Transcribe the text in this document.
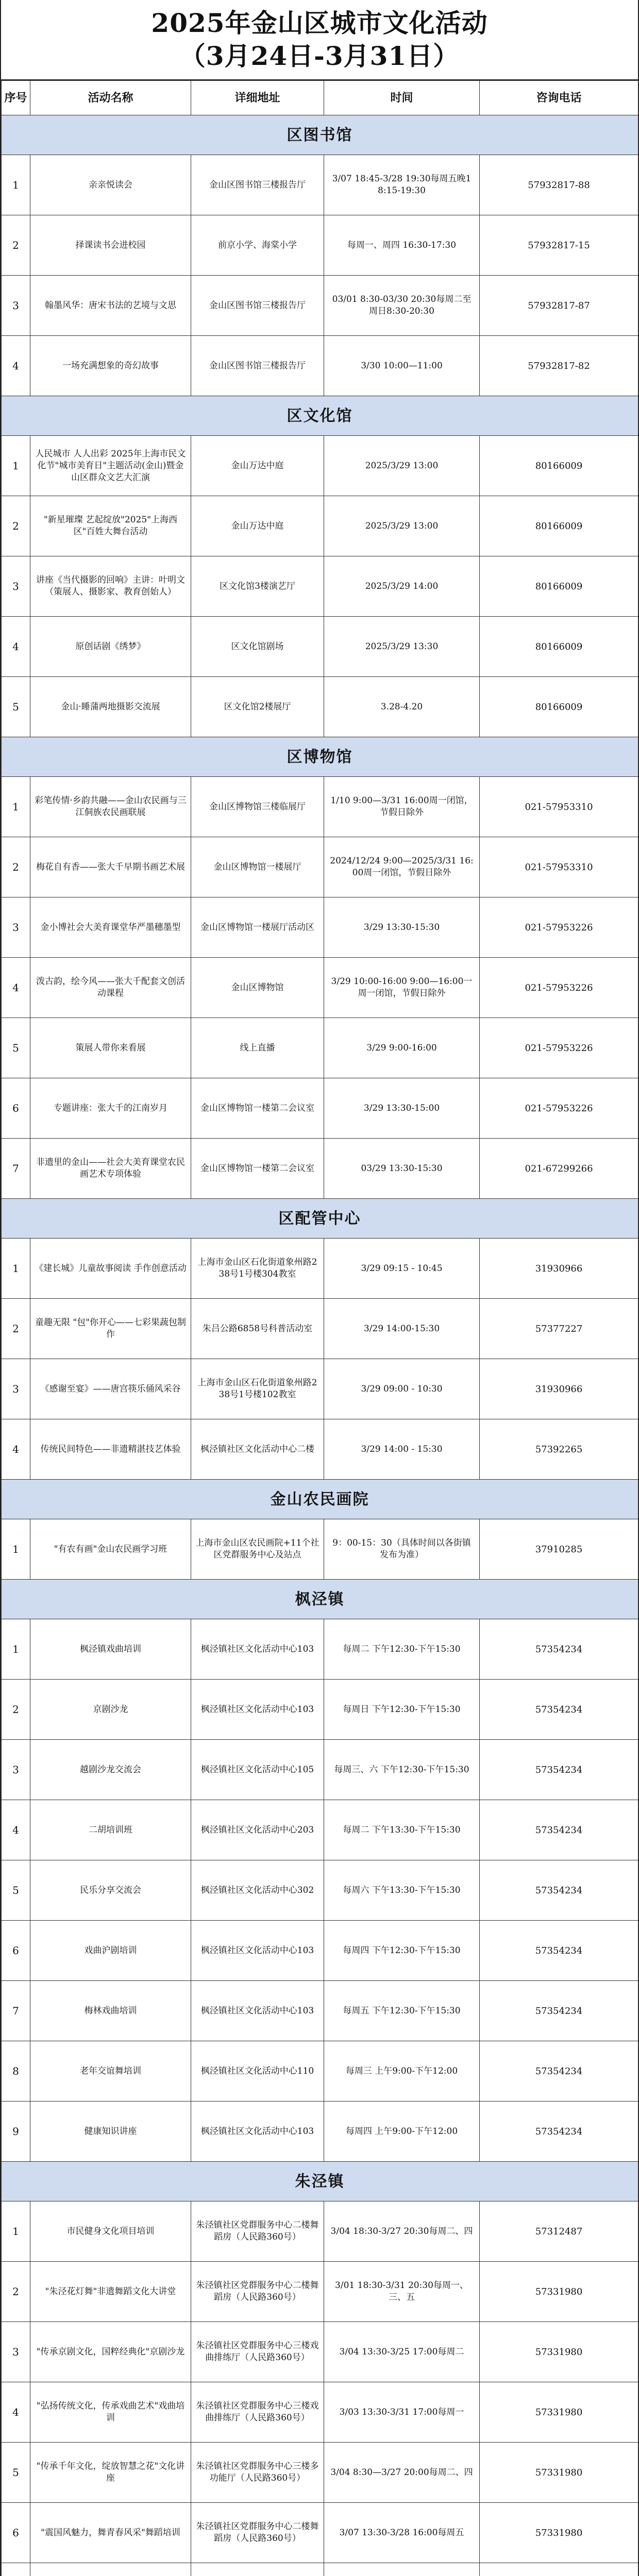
2025年金山区城市文化活动
（3月24日-3月31日）
序号	活动名称	详细地址	时间	咨询电话
区图书馆				
1	亲亲悦读会	金山区图书馆三楼报告厅	3/07 18:45-3/28 19:30每周五晚18:15-19:30	57932817-88
2	择课读书会进校园	前京小学、海棠小学	每周一、周四 16:30-17:30	57932817-15
3	翰墨风华：唐宋书法的艺境与文思	金山区图书馆三楼报告厅	03/01 8:30-03/30 20:30每周二至周日8:30-20:30	57932817-87
4	一场充满想象的奇幻故事	金山区图书馆三楼报告厅	3/30 10:00—11:00	57932817-82
区文化馆				
1	人民城市 人人出彩 2025年上海市民文化节"城市美育日"主题活动(金山)暨金山区群众文艺大汇演	金山万达中庭	2025/3/29 13:00	80166009
2	"新星璀璨 艺起绽放"2025"上海西区"百姓大舞台活动	金山万达中庭	2025/3/29 13:00	80166009
3	讲座《当代摄影的回响》主讲：叶明文（策展人、摄影家、教育创始人）	区文化馆3楼演艺厅	2025/3/29 14:00	80166009
4	原创话剧《绣梦》	区文化馆剧场	2025/3/29 13:30	80166009
5	金山·睡蒲两地摄影交流展	区文化馆2楼展厅	3.28-4.20	80166009
区博物馆				
1	彩笔传情·乡韵共融——金山农民画与三江侗族农民画联展	金山区博物馆三楼临展厅	1/10 9:00—3/31 16:00周一闭馆，节假日除外	021-57953310
2	梅花自有香——张大千早期书画艺术展	金山区博物馆一楼展厅	2024/12/24 9:00—2025/3/31 16:00周一闭馆，节假日除外	021-57953310
3	金小博社会大美育课堂华严墨穗墨型	金山区博物馆一楼展厅活动区	3/29 13:30-15:30	021-57953226
4	泼古韵，绘今风——张大千配套文创活动课程	金山区博物馆	3/29 10:00-16:00 9:00—16:00一周一闭馆，节假日除外	021-57953226
5	策展人带你来看展	线上直播	3/29 9:00-16:00	021-57953226
6	专题讲座：张大千的江南岁月	金山区博物馆一楼第二会议室	3/29 13:30-15:00	021-57953226
7	非遗里的金山——社会大美育课堂农民画艺术专项体验	金山区博物馆一楼第二会议室	03/29 13:30-15:30	021-67299266
区配管中心				
1	《建长城》儿童故事阅读 手作创意活动	上海市金山区石化街道象州路238号1号楼304教室	3/29 09:15 - 10:45	31930966
2	童趣无限 "包"你开心——七彩果蔬包制作	朱吕公路6858号科普活动室	3/29 14:00-15:30	57377227
3	《感谢至宴》——唐宫筷乐俑风采谷	上海市金山区石化街道象州路238号1号楼102教室	3/29 09:00 - 10:30	31930966
4	传统民间特色——非遗精湛技艺体验	枫泾镇社区文化活动中心二楼	3/29 14:00 - 15:30	57392265
金山农民画院				
1	"有农有画"金山农民画学习班	上海市金山区农民画院+11个社区党群服务中心及站点	9：00-15：30（具体时间以各街镇发布为准）	37910285
枫泾镇				
1	枫泾镇戏曲培训	枫泾镇社区文化活动中心103	每周二 下午12:30-下午15:30	57354234
2	京剧沙龙	枫泾镇社区文化活动中心103	每周日 下午12:30-下午15:30	57354234
3	越剧沙龙交流会	枫泾镇社区文化活动中心105	每周三、六 下午12:30-下午15:30	57354234
4	二胡培训班	枫泾镇社区文化活动中心203	每周二 下午13:30-下午15:30	57354234
5	民乐分享交流会	枫泾镇社区文化活动中心302	每周六 下午13:30-下午15:30	57354234
6	戏曲沪剧培训	枫泾镇社区文化活动中心103	每周四 下午12:30-下午15:30	57354234
7	梅林戏曲培训	枫泾镇社区文化活动中心103	每周五 下午12:30-下午15:30	57354234
8	老年交谊舞培训	枫泾镇社区文化活动中心110	每周三 上午9:00-下午12:00	57354234
9	健康知识讲座	枫泾镇社区文化活动中心103	每周四 上午9:00-下午12:00	57354234
朱泾镇				
1	市民健身文化项目培训	朱泾镇社区党群服务中心二楼舞蹈房（人民路360号）	3/04 18:30-3/27 20:30每周二、四	57312487
2	"朱泾花灯舞"非遗舞蹈文化大讲堂	朱泾镇社区党群服务中心二楼舞蹈房（人民路360号）	3/01 18:30-3/31 20:30每周一、三、五	57331980
3	"传承京剧文化，国粹经典化"京剧沙龙	朱泾镇社区党群服务中心三楼戏曲排练厅（人民路360号）	3/04 13:30-3/25 17:00每周二	57331980
4	"弘扬传统文化，传承戏曲艺术"戏曲培训	朱泾镇社区党群服务中心三楼戏曲排练厅（人民路360号）	3/03 13:30-3/31 17:00每周一	57331980
5	"传承千年文化，绽放智慧之花"文化讲座	朱泾镇社区党群服务中心三楼多功能厅（人民路360号）	3/04 8:30—3/27 20:00每周二、四	57331980
6	"震国风魅力，舞青春风采"舞蹈培训	朱泾镇社区党群服务中心二楼舞蹈房（人民路360号）	3/07 13:30-3/28 16:00每周五	57331980
